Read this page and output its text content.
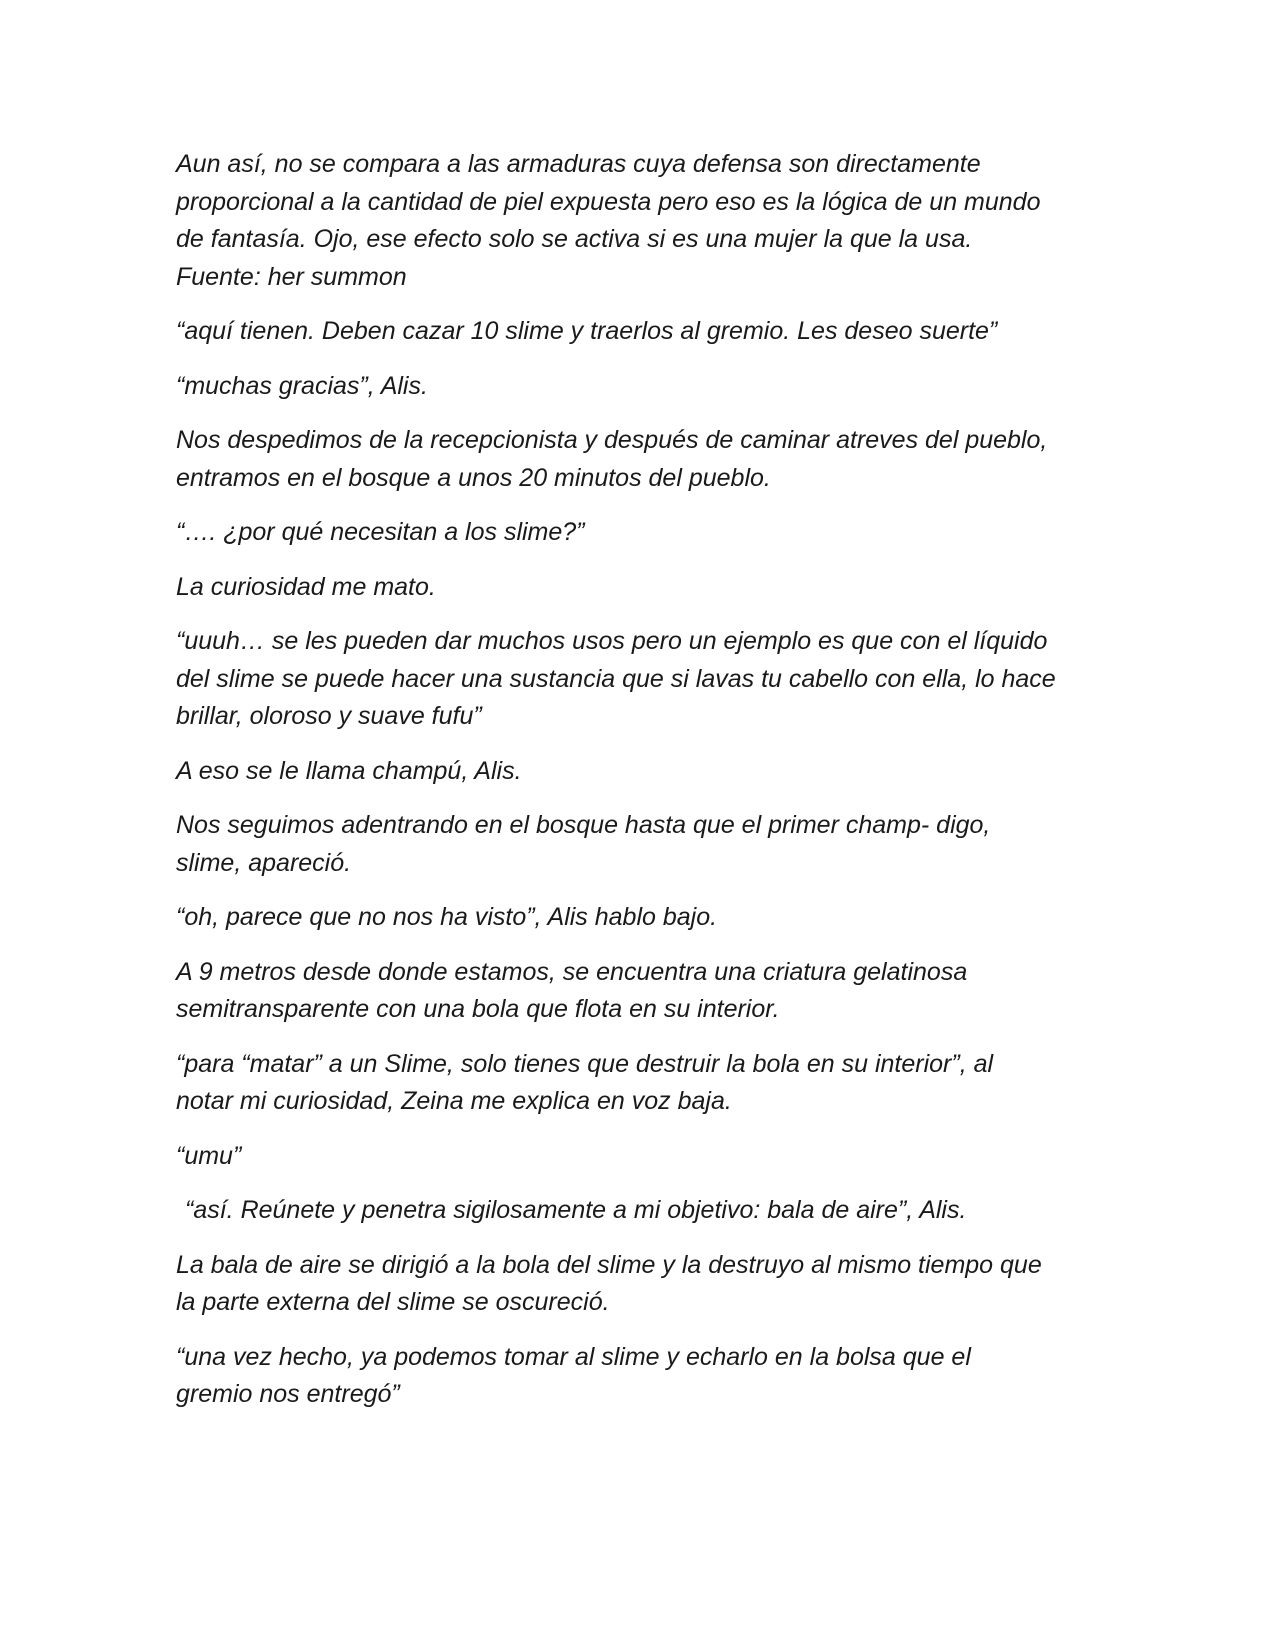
Aun así, no se compara a las armaduras cuya defensa son directamente
proporcional a la cantidad de piel expuesta pero eso es la lógica de un mundo
de fantasía. Ojo, ese efecto solo se activa si es una mujer la que la usa.
Fuente: her summon

“aquí tienen. Deben cazar 10 slime y traerlos al gremio. Les deseo suerte”

“muchas gracias”, Alis.

Nos despedimos de la recepcionista y después de caminar atreves del pueblo,
entramos en el bosque a unos 20 minutos del pueblo.

“…. ¿por qué necesitan a los slime?”

La curiosidad me mato.

“uuuh… se les pueden dar muchos usos pero un ejemplo es que con el líquido
del slime se puede hacer una sustancia que si lavas tu cabello con ella, lo hace
brillar, oloroso y suave fufu”

A eso se le llama champú, Alis.

Nos seguimos adentrando en el bosque hasta que el primer champ- digo,
slime, apareció.

“oh, parece que no nos ha visto”, Alis hablo bajo.

A 9 metros desde donde estamos, se encuentra una criatura gelatinosa
semitransparente con una bola que flota en su interior.

“para “matar” a un Slime, solo tienes que destruir la bola en su interior”, al
notar mi curiosidad, Zeina me explica en voz baja.

“umu”

“así. Reúnete y penetra sigilosamente a mi objetivo: bala de aire”, Alis.

La bala de aire se dirigió a la bola del slime y la destruyo al mismo tiempo que
la parte externa del slime se oscureció.

“una vez hecho, ya podemos tomar al slime y echarlo en la bolsa que el
gremio nos entregó”
